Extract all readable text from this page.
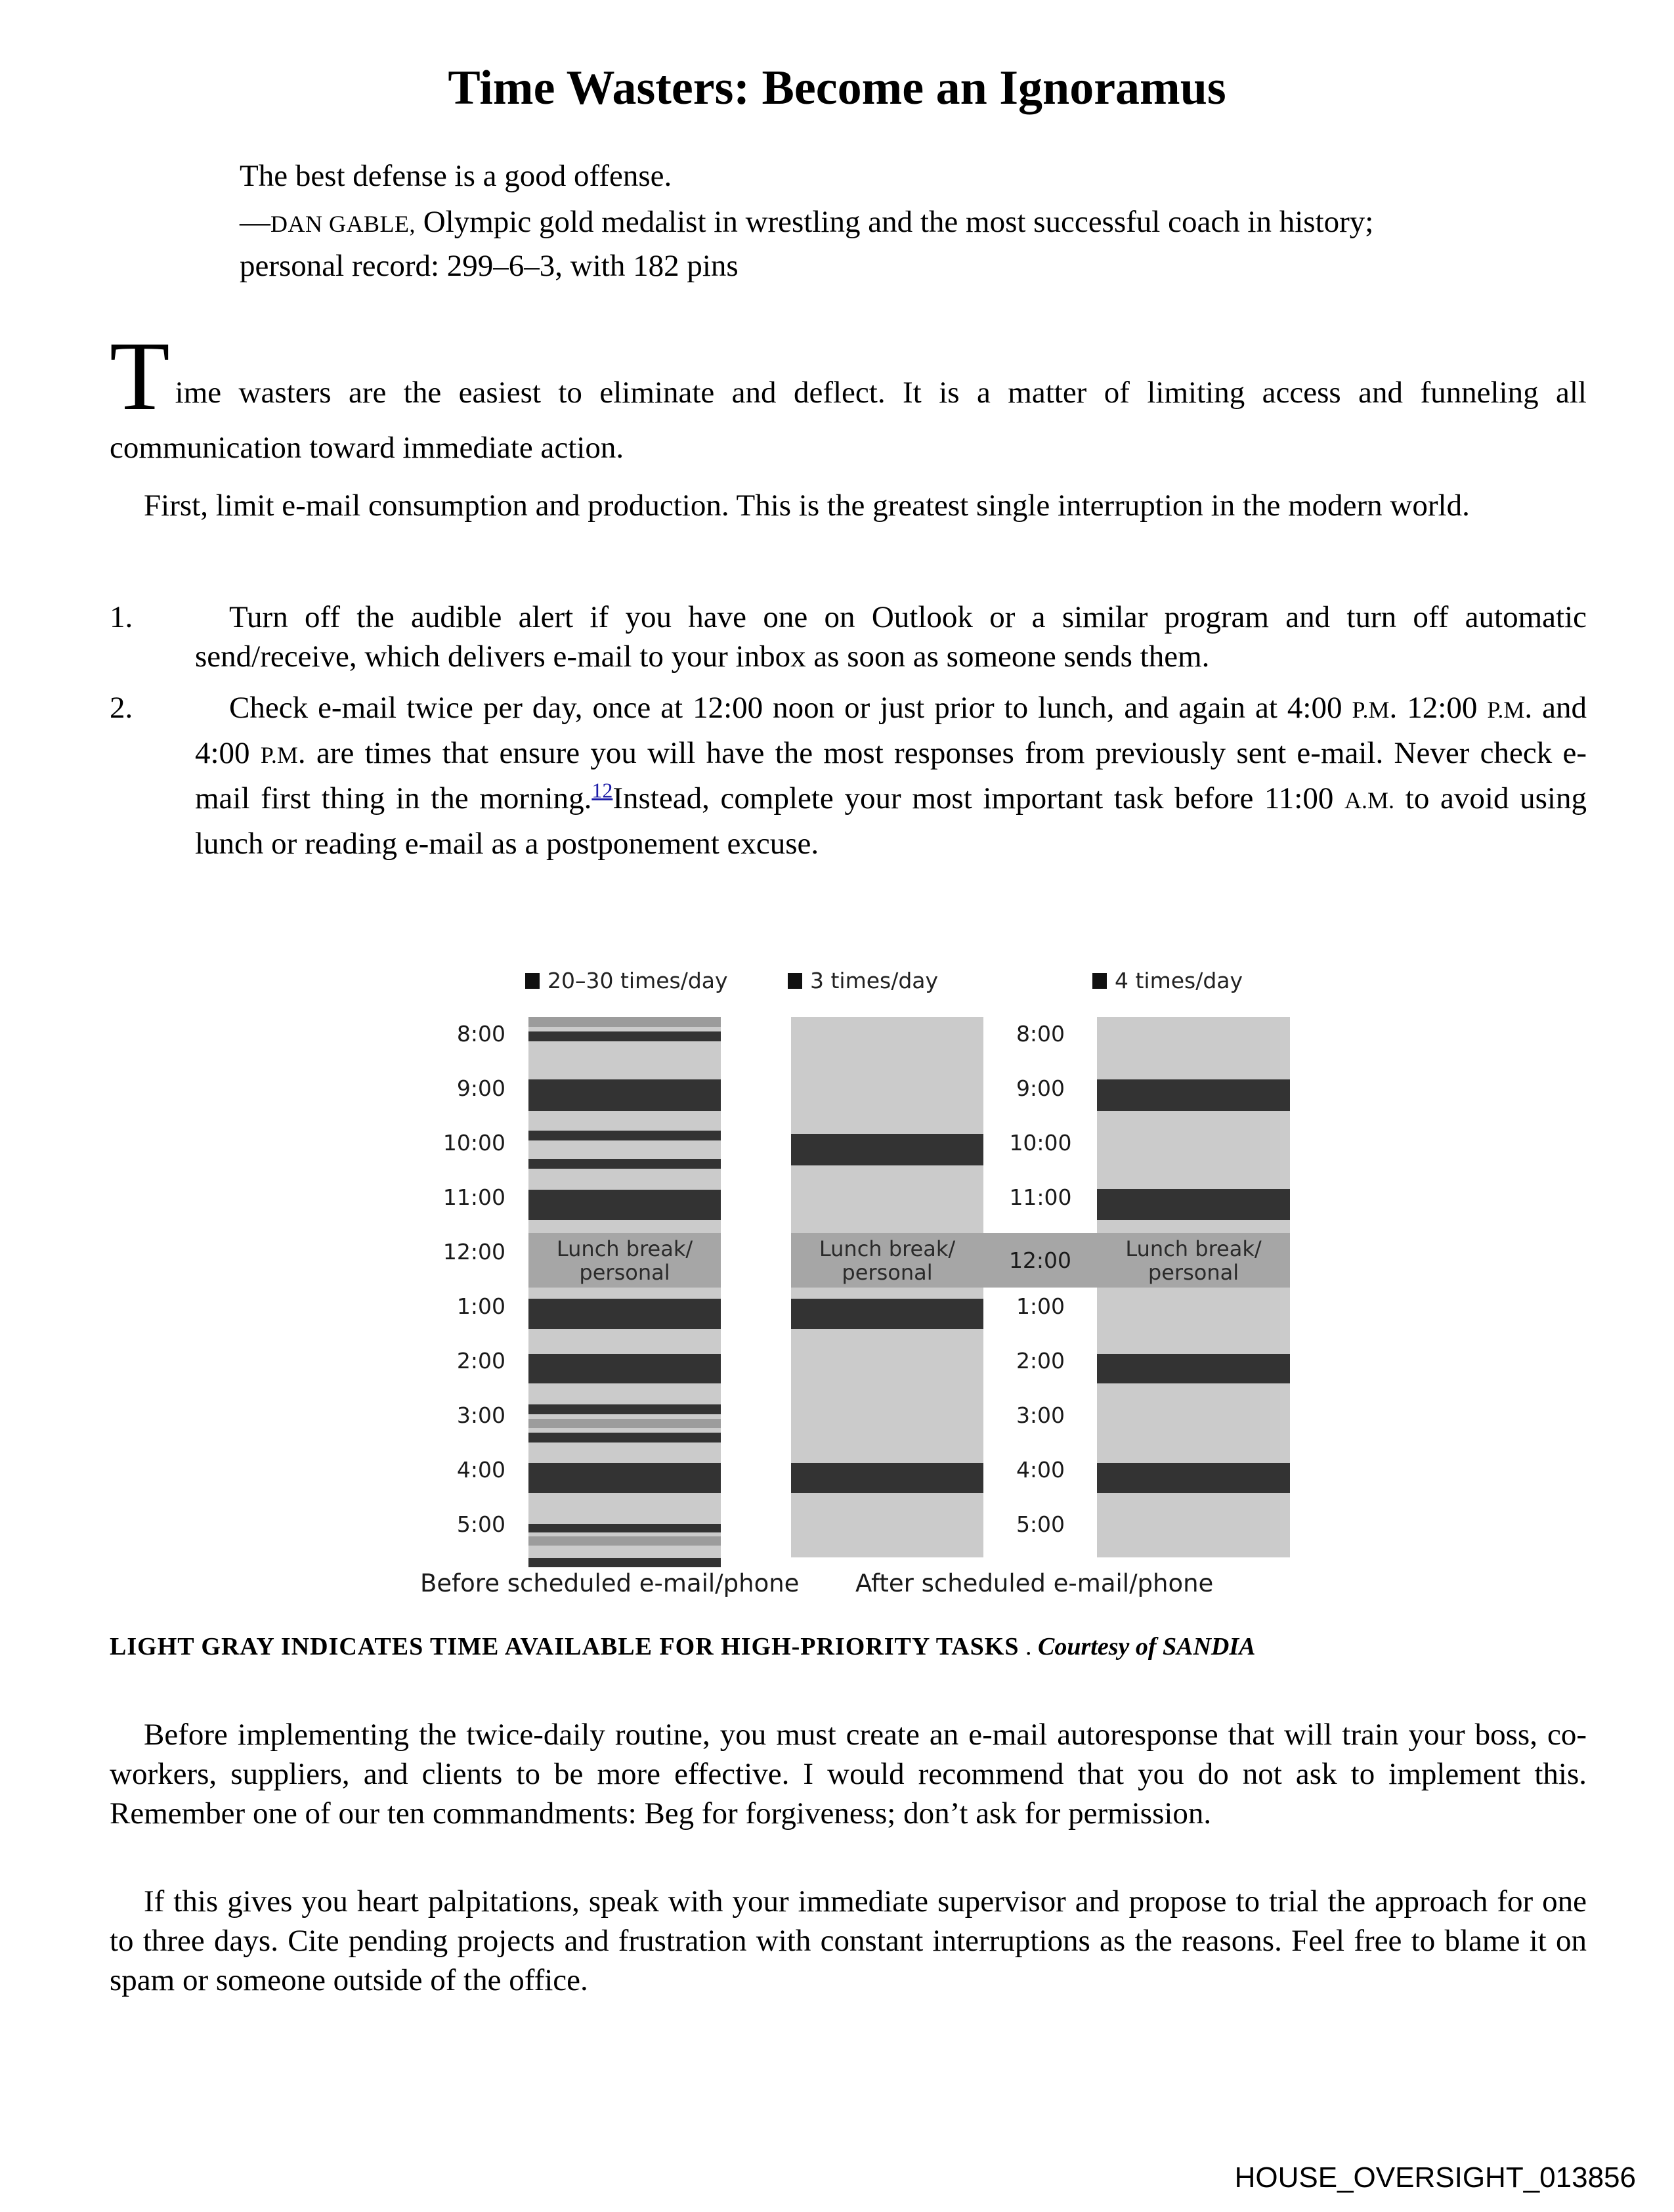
Time Wasters: Become an Ignoramus

The best defense is a good offense.

—DAN GABLE, Olympic gold medalist in wrestling and the most successful coach in history;
personal record: 299–6–3, with 182 pins

T ime wasters are the easiest to eliminate and deflect. It is a matter of limiting access and funneling all
communication toward immediate action.
First, limit e-mail consumption and production. This is the greatest single interruption in the modern world.
1.	Turn off the audible alert if you have one on Outlook or a similar program and turn off automatic send/receive, which delivers e-mail to your inbox as soon as someone sends them.
2.	Check e-mail twice per day, once at 12:00 noon or just prior to lunch, and again at 4:00 P.M. 12:00 P.M. and 4:00 P.M. are times that ensure you will have the most responses from previously sent e-mail. Never check e-mail first thing in the morning.$^{12}$Instead, complete your most important task before 11:00 A.M. to avoid using lunch or reading e-mail as a postponement excuse.
20–30 times/day	3 times/day	4 times/day
8:00
9:00
10:00
11:00
12:00
1:00
2:00
3:00
4:00
5:00
Lunch break/ personal
Lunch break/ personal	12:00	Lunch break/ personal
8:00
9:00
10:00
11:00
1:00
2:00
3:00
4:00
5:00
Before scheduled e-mail/phone After scheduled e-mail/phone
LIGHT GRAY INDICATES TIME AVAILABLE FOR HIGH-PRIORITY TASKS . Courtesy of SANDIA
Before implementing the twice-daily routine, you must create an e-mail autoresponse that will train your boss, co-workers, suppliers, and clients to be more effective. I would recommend that you do not ask to implement this. Remember one of our ten commandments: Beg for forgiveness; don’t ask for permission.
If this gives you heart palpitations, speak with your immediate supervisor and propose to trial the approach for one to three days. Cite pending projects and frustration with constant interruptions as the reasons. Feel free to blame it on spam or someone outside of the office.
HOUSE_OVERSIGHT_013856
